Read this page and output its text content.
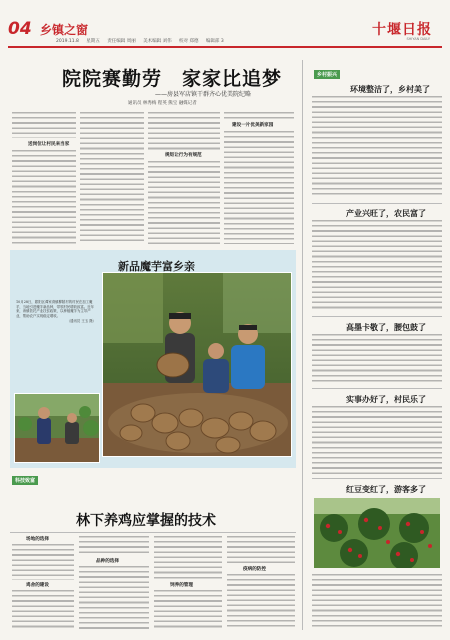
04 乡镇之窗
2019.11.8 星期五 责任编辑 周丽 美术编辑 刘伟 校对 郑德 编辑部 3
十堰日报
SHIYAN DAILY
院院赛勤劳　家家比追梦
——房县军店镇干群齐心优美院纪略
通讯员 林秀梅 程英 熊宝 融媒记者
送岗位让村民来当家
规矩让行为有规范
建设一片优美新家园
新品魔芋富乡亲
10月28日，郧阳区谭家湾镇柳陂村的村民在加工魔芋，当地引进魔芋新品种，带领村民增收致富。近年来，该镇依托产业扶贫政策，以种植魔芋为主导产业，帮助农户实现稳定增收。
（通讯员 王玉 摄）
科技致富
林下养鸡应掌握的技术
场地的选择
鸡舍的建设
品种的选择
饲养的管理
疫病的防控
乡村振兴
环境整洁了，乡村美了
产业兴旺了，农民富了
高墨卡敬了，腰包鼓了
实事办好了，村民乐了
红豆变红了，游客多了
